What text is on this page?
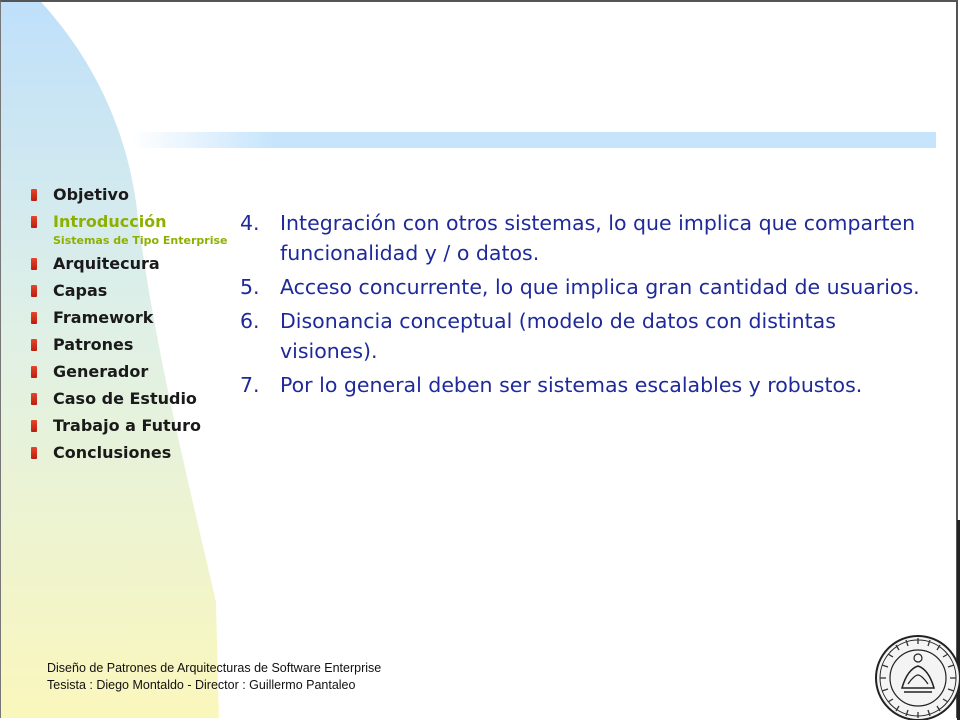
Objetivo
Introducción
Sistemas de Tipo Enterprise
Arquitecura
Capas
Framework
Patrones
Generador
Caso de Estudio
Trabajo a Futuro
Conclusiones
4. Integración con otros sistemas, lo que implica que comparten funcionalidad y / o datos.
5. Acceso concurrente, lo que implica gran cantidad de usuarios.
6. Disonancia conceptual (modelo de datos con distintas visiones).
7. Por lo general deben ser sistemas escalables y robustos.
Diseño de Patrones de Arquitecturas de Software Enterprise
Tesista : Diego Montaldo - Director : Guillermo Pantaleo
